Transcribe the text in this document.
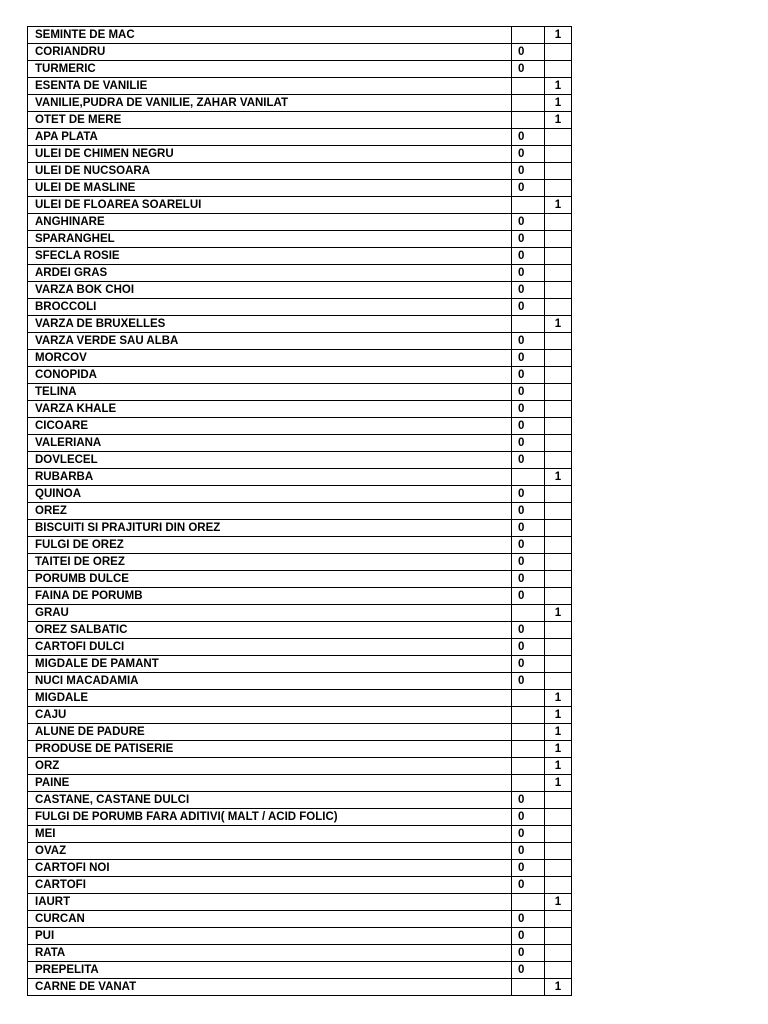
SEMINTE DE MAC		1
CORIANDRU	0	
TURMERIC	0	
ESENTA DE VANILIE		1
VANILIE,PUDRA DE VANILIE, ZAHAR VANILAT		1
OTET DE MERE		1
APA PLATA	0	
ULEI DE CHIMEN NEGRU	0	
ULEI DE NUCSOARA	0	
ULEI DE MASLINE	0	
ULEI DE FLOAREA SOARELUI		1
ANGHINARE	0	
SPARANGHEL	0	
SFECLA ROSIE	0	
ARDEI GRAS	0	
VARZA BOK CHOI	0	
BROCCOLI	0	
VARZA DE BRUXELLES		1
VARZA VERDE SAU ALBA	0	
MORCOV	0	
CONOPIDA	0	
TELINA	0	
VARZA KHALE	0	
CICOARE	0	
VALERIANA	0	
DOVLECEL	0	
RUBARBA		1
QUINOA	0	
OREZ	0	
BISCUITI SI PRAJITURI DIN OREZ	0	
FULGI DE OREZ	0	
TAITEI DE OREZ	0	
PORUMB DULCE	0	
FAINA DE PORUMB	0	
GRAU		1
OREZ SALBATIC	0	
CARTOFI DULCI	0	
MIGDALE DE PAMANT	0	
NUCI MACADAMIA	0	
MIGDALE		1
CAJU		1
ALUNE DE PADURE		1
PRODUSE DE PATISERIE		1
ORZ		1
PAINE		1
CASTANE, CASTANE DULCI	0	
FULGI DE PORUMB FARA ADITIVI( MALT / ACID FOLIC)	0	
MEI	0	
OVAZ	0	
CARTOFI NOI	0	
CARTOFI	0	
IAURT		1
CURCAN	0	
PUI	0	
RATA	0	
PREPELITA	0	
CARNE DE VANAT		1
